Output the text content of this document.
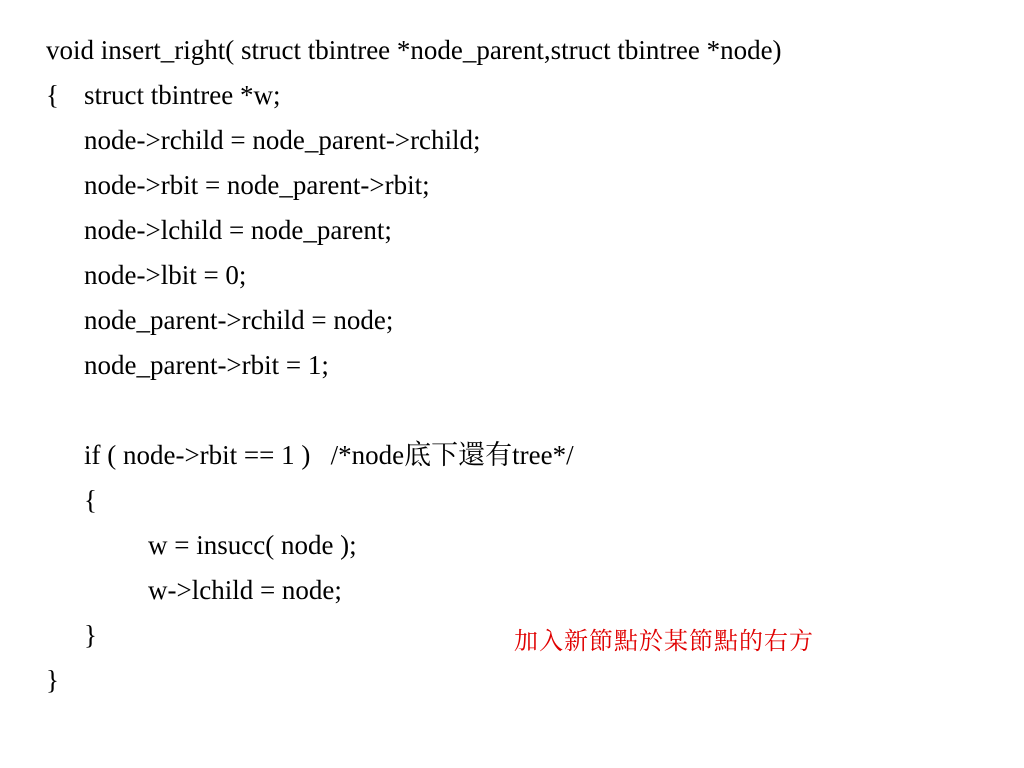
void insert_right( struct tbintree *node_parent,struct tbintree *node)
{ struct tbintree *w;
node->rchild = node_parent->rchild;
node->rbit = node_parent->rbit;
node->lchild = node_parent;
node->lbit = 0;
node_parent->rchild = node;
node_parent->rbit = 1;
if ( node->rbit == 1 )   /*node底下還有tree*/
{
w = insucc( node );
w->lchild = node;
}	加入新節點於某節點的右方
}
